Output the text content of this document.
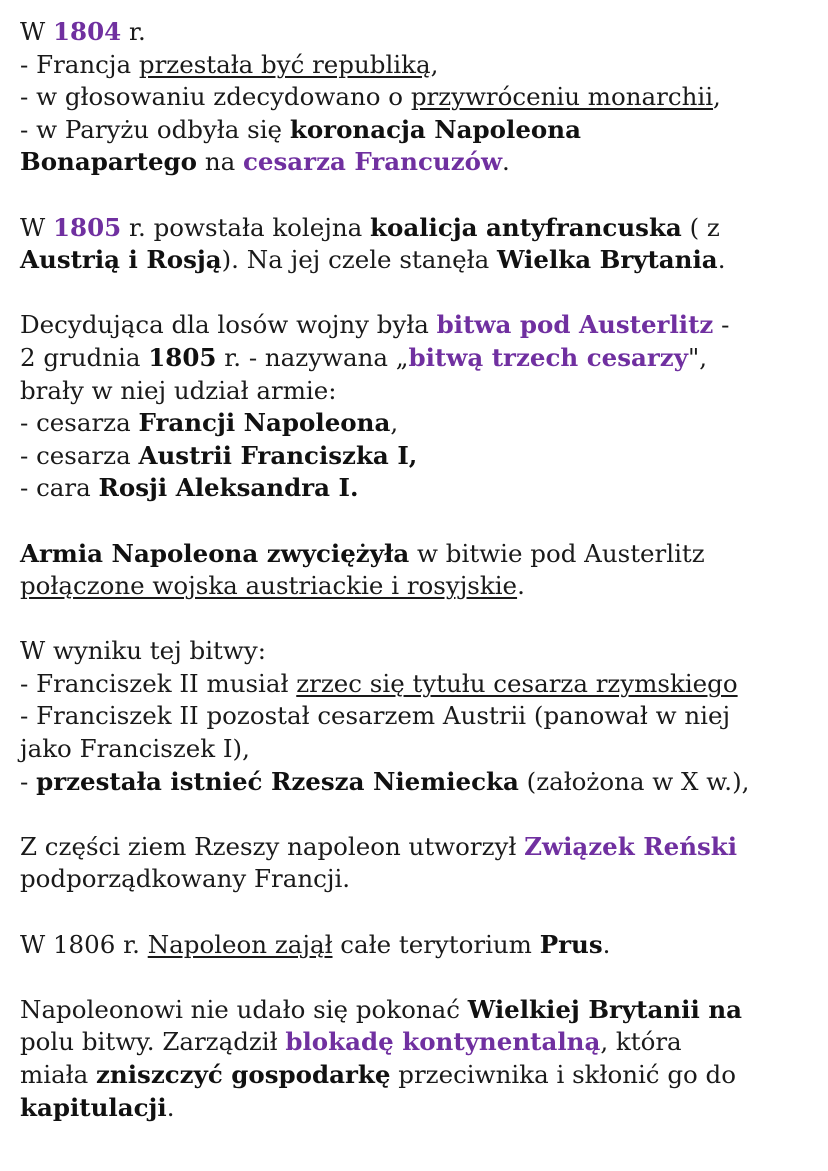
W 1804 r.
- Francja przestała być republiką,
- w głosowaniu zdecydowano o przywróceniu monarchii,
- w Paryżu odbyła się koronacja Napoleona
Bonapartego na cesarza Francuzów.
W 1805 r. powstała kolejna koalicja antyfrancuska ( z
Austrią i Rosją). Na jej czele stanęła Wielka Brytania.
Decydująca dla losów wojny była bitwa pod Austerlitz -
2 grudnia 1805 r. - nazywana „bitwą trzech cesarzy",
brały w niej udział armie:
- cesarza Francji Napoleona,
- cesarza Austrii Franciszka I,
- cara Rosji Aleksandra I.
Armia Napoleona zwyciężyła w bitwie pod Austerlitz
połączone wojska austriackie i rosyjskie.
W wyniku tej bitwy:
- Franciszek II musiał zrzec się tytułu cesarza rzymskiego
- Franciszek II pozostał cesarzem Austrii (panował w niej
jako Franciszek I),
- przestała istnieć Rzesza Niemiecka (założona w X w.),
Z części ziem Rzeszy napoleon utworzył Związek Reński
podporządkowany Francji.
W 1806 r. Napoleon zajął całe terytorium Prus.
Napoleonowi nie udało się pokonać Wielkiej Brytanii na
polu bitwy. Zarządził blokadę kontynentalną, która
miała zniszczyć gospodarkę przeciwnika i skłonić go do
kapitulacji.
